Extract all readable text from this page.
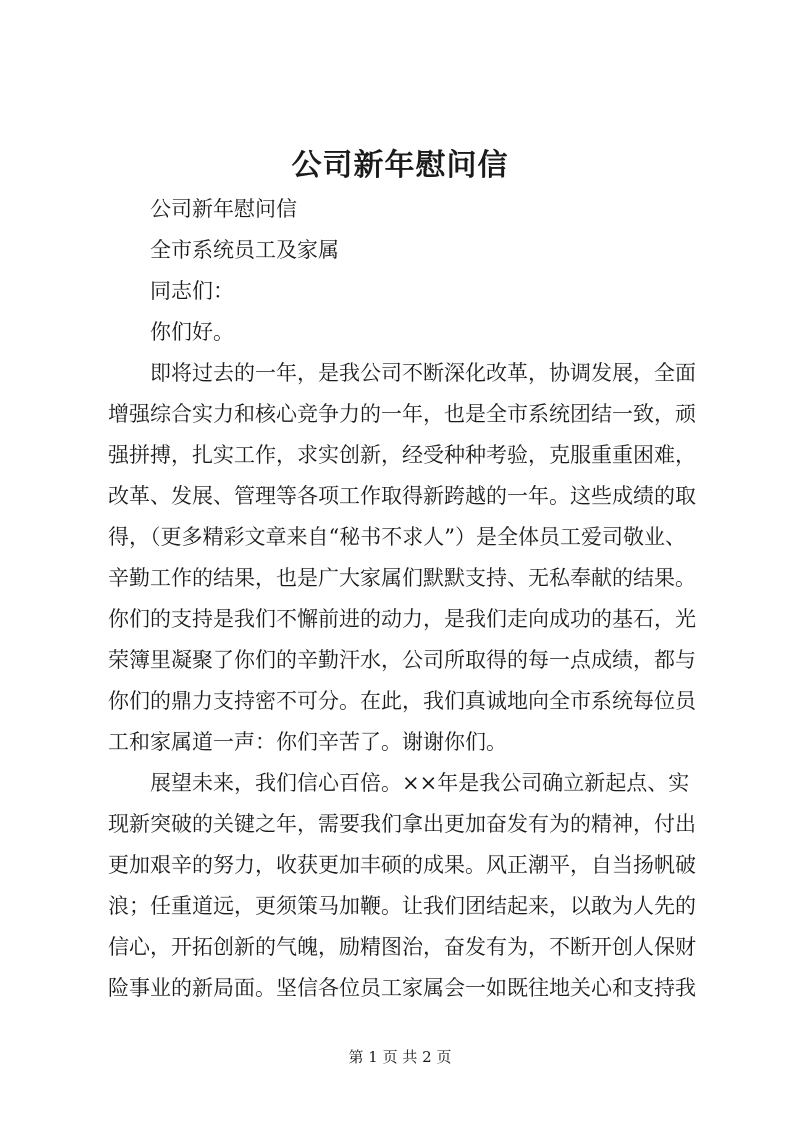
公司新年慰问信
　　公司新年慰问信
　　全市系统员工及家属
　　同志们：
　　你们好。
　　即将过去的一年，是我公司不断深化改革，协调发展，全面
增强综合实力和核心竞争力的一年，也是全市系统团结一致，顽
强拼搏，扎实工作，求实创新，经受种种考验，克服重重困难，
改革、发展、管理等各项工作取得新跨越的一年。这些成绩的取
得，（更多精彩文章来自“秘书不求人”）是全体员工爱司敬业、
辛勤工作的结果，也是广大家属们默默支持、无私奉献的结果。
你们的支持是我们不懈前进的动力，是我们走向成功的基石，光
荣簿里凝聚了你们的辛勤汗水，公司所取得的每一点成绩，都与
你们的鼎力支持密不可分。在此，我们真诚地向全市系统每位员
工和家属道一声：你们辛苦了。谢谢你们。
　　展望未来，我们信心百倍。××年是我公司确立新起点、实
现新突破的关键之年，需要我们拿出更加奋发有为的精神，付出
更加艰辛的努力，收获更加丰硕的成果。风正潮平，自当扬帆破
浪；任重道远，更须策马加鞭。让我们团结起来，以敢为人先的
信心，开拓创新的气魄，励精图治，奋发有为，不断开创人保财
险事业的新局面。坚信各位员工家属会一如既往地关心和支持我
第 1 页 共 2 页
